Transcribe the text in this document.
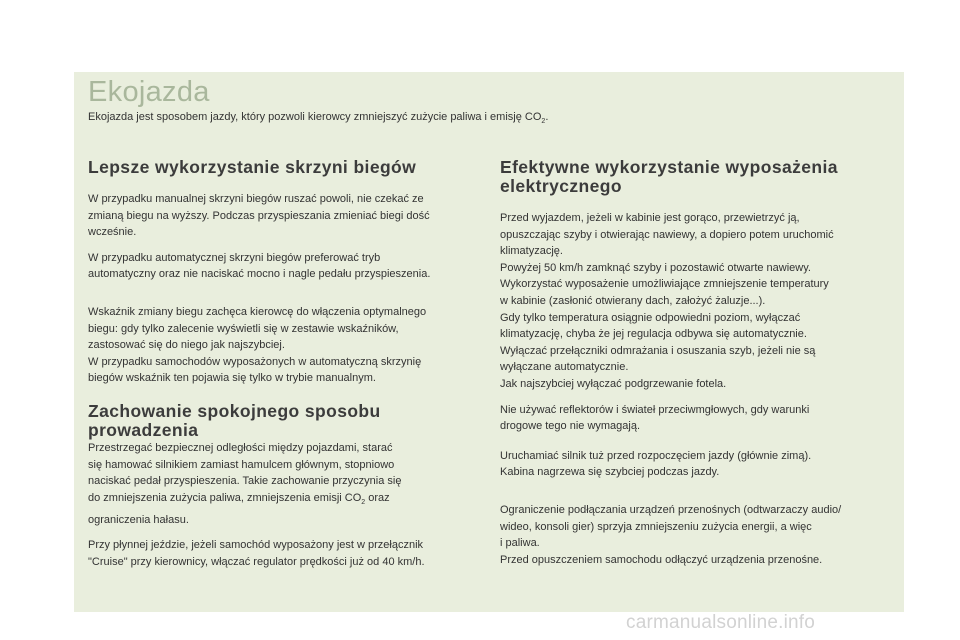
Ekojazda

Ekojazda jest sposobem jazdy, który pozwoli kierowcy zmniejszyć zużycie paliwa i emisję $CO_2$.

Lepsze wykorzystanie skrzyni biegów

W przypadku manualnej skrzyni biegów ruszać powoli, nie czekać ze
zmianą biegu na wyższy. Podczas przyspieszania zmieniać biegi dość
wcześnie.

W przypadku automatycznej skrzyni biegów preferować tryb
automatyczny oraz nie naciskać mocno i nagle pedału przyspieszenia.

Wskaźnik zmiany biegu zachęca kierowcę do włączenia optymalnego
biegu: gdy tylko zalecenie wyświetli się w zestawie wskaźników,
zastosować się do niego jak najszybciej.
W przypadku samochodów wyposażonych w automatyczną skrzynię
biegów wskaźnik ten pojawia się tylko w trybie manualnym.

Zachowanie spokojnego sposobu
prowadzenia

Przestrzegać bezpiecznej odległości między pojazdami, starać
się hamować silnikiem zamiast hamulcem głównym, stopniowo
naciskać pedał przyspieszenia. Takie zachowanie przyczynia się
do zmniejszenia zużycia paliwa, zmniejszenia emisji $CO_2$ oraz
ograniczenia hałasu.

Przy płynnej jeździe, jeżeli samochód wyposażony jest w przełącznik
"Cruise" przy kierownicy, włączać regulator prędkości już od 40 km/h.

Efektywne wykorzystanie wyposażenia
elektrycznego

Przed wyjazdem, jeżeli w kabinie jest gorąco, przewietrzyć ją,
opuszczając szyby i otwierając nawiewy, a dopiero potem uruchomić
klimatyzację.
Powyżej 50 km/h zamknąć szyby i pozostawić otwarte nawiewy.
Wykorzystać wyposażenie umożliwiające zmniejszenie temperatury
w kabinie (zasłonić otwierany dach, założyć żaluzje...).
Gdy tylko temperatura osiągnie odpowiedni poziom, wyłączać
klimatyzację, chyba że jej regulacja odbywa się automatycznie.
Wyłączać przełączniki odmrażania i osuszania szyb, jeżeli nie są
wyłączane automatycznie.
Jak najszybciej wyłączać podgrzewanie fotela.

Nie używać reflektorów i świateł przeciwmgłowych, gdy warunki
drogowe tego nie wymagają.

Uruchamiać silnik tuż przed rozpoczęciem jazdy (głównie zimą).
Kabina nagrzewa się szybciej podczas jazdy.

Ograniczenie podłączania urządzeń przenośnych (odtwarzaczy audio/
wideo, konsoli gier) sprzyja zmniejszeniu zużycia energii, a więc
i paliwa.
Przed opuszczeniem samochodu odłączyć urządzenia przenośne.

carmanualsonline.info
